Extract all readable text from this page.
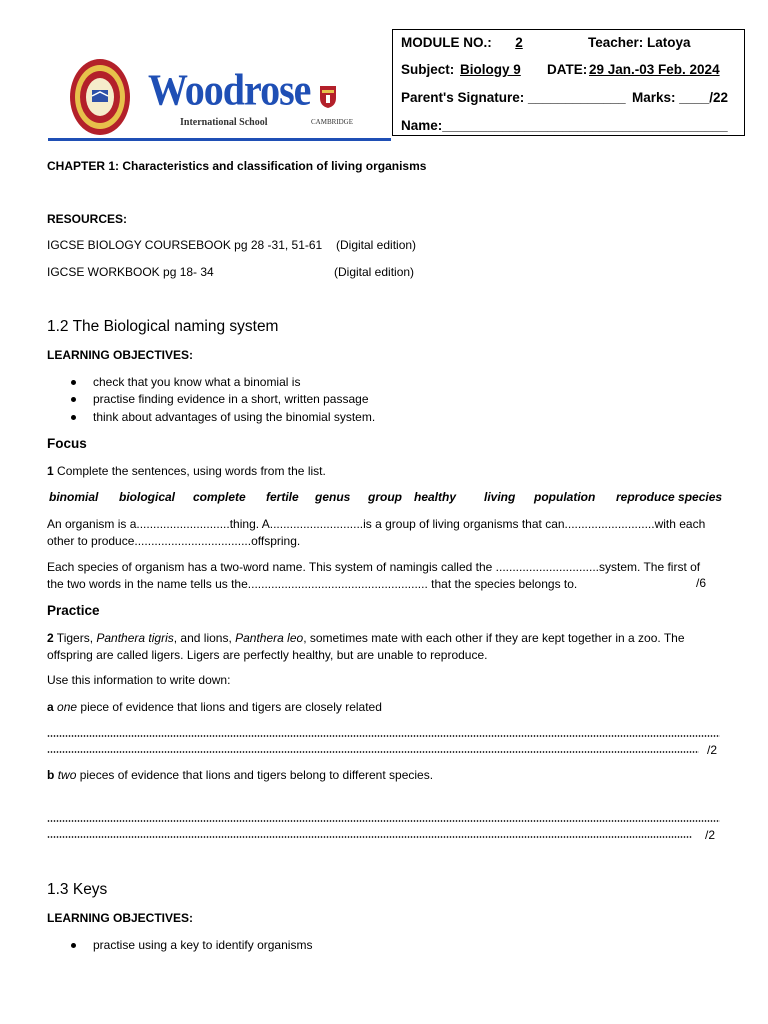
MODULE NO.:	2	Teacher: Latoya
Subject: Biology 9 DATE: 29 Jan.-03 Feb. 2024
Parent's Signature: _____________ Marks: ____/22
Name:______________________________________
Woodrose
International School	CAMBRIDGE
CHAPTER 1: Characteristics and classification of living organisms
RESOURCES:
IGCSE BIOLOGY COURSEBOOK pg 28 -31, 51-61 (Digital edition)
IGCSE WORKBOOK pg 18- 34	(Digital edition)
1.2 The Biological naming system
LEARNING OBJECTIVES:
check that you know what a binomial is
practise finding evidence in a short, written passage
think about advantages of using the binomial system.
Focus
1 Complete the sentences, using words from the list.
binomial biological complete fertile genus group healthy living population reproduce species
An organism is a............................thing. A............................is a group of living organisms that can...........................with each other to produce...................................offspring.
Each species of organism has a two-word name. This system of namingis called the ...............................system. The first of the two words in the name tells us the...................................................... that the species belongs to.	/6
Practice
2 Tigers, Panthera tigris, and lions, Panthera leo, sometimes mate with each other if they are kept together in a zoo. The offspring are called ligers. Ligers are perfectly healthy, but are unable to reproduce.
Use this information to write down:
a one piece of evidence that lions and tigers are closely related
/2
b two pieces of evidence that lions and tigers belong to different species.
/2
1.3 Keys
LEARNING OBJECTIVES:
practise using a key to identify organisms
